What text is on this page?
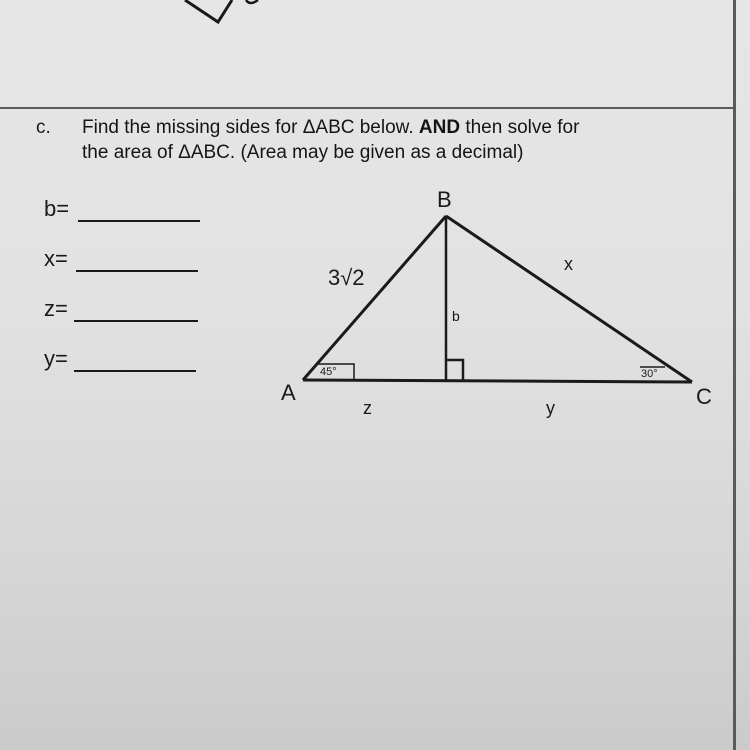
c. Find the missing sides for ΔABC below. AND then solve for
the area of ΔABC. (Area may be given as a decimal)
b=
x=
z=
y=
B
A	C
3√2
x
b
z	y
45°	30°
